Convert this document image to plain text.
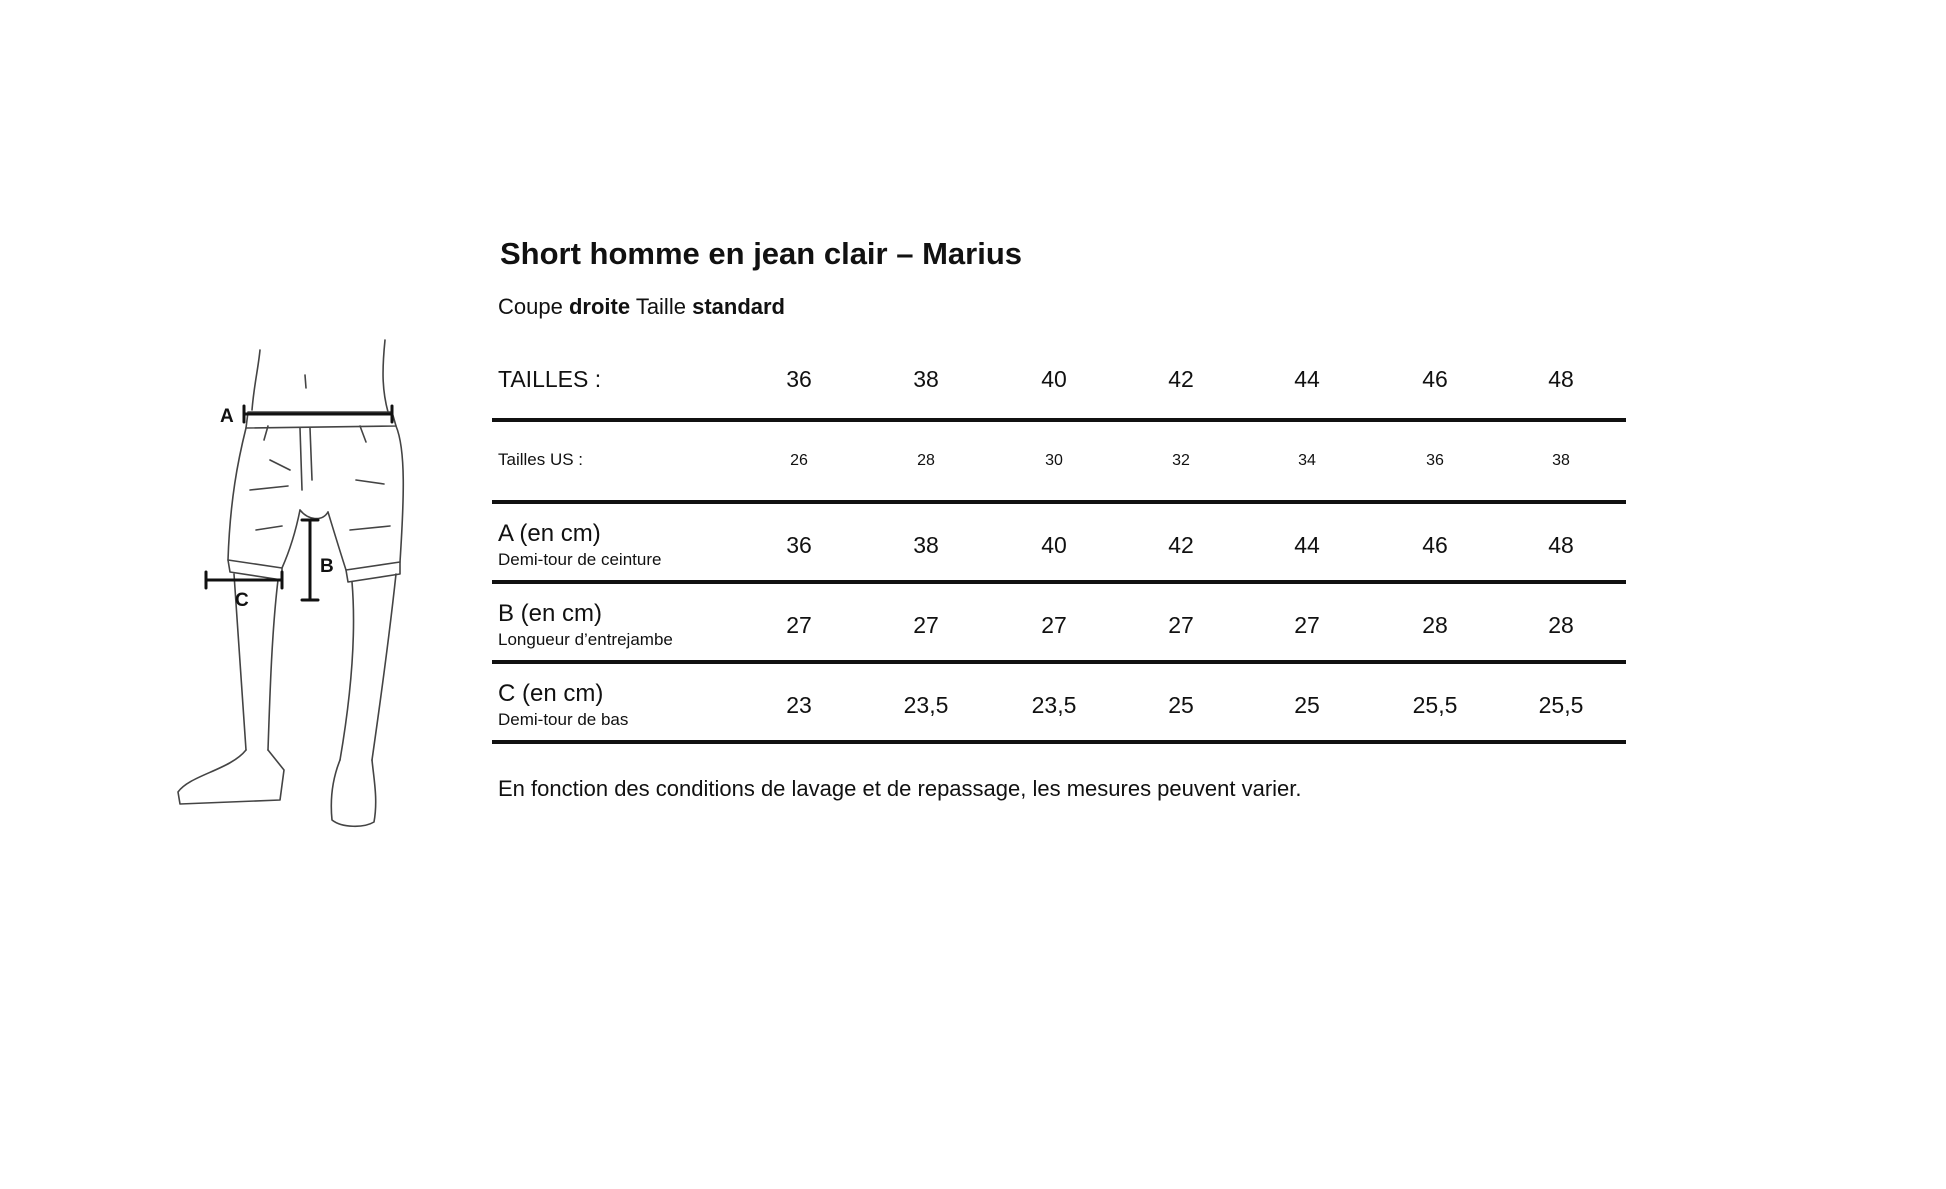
A
B
C
Short homme en jean clair – Marius
Coupe droite Taille standard
TAILLES :	36	38	40	42	44	46	48
Tailles US :	26	28	30	32	34	36	38
A (en cm)
Demi-tour de ceinture
36	38	40	42	44	46	48
B (en cm)
Longueur d’entrejambe
27	27	27	27	27	28	28
C (en cm)
Demi-tour de bas
23	23,5	23,5	25	25	25,5	25,5
En fonction des conditions de lavage et de repassage, les mesures peuvent varier.
